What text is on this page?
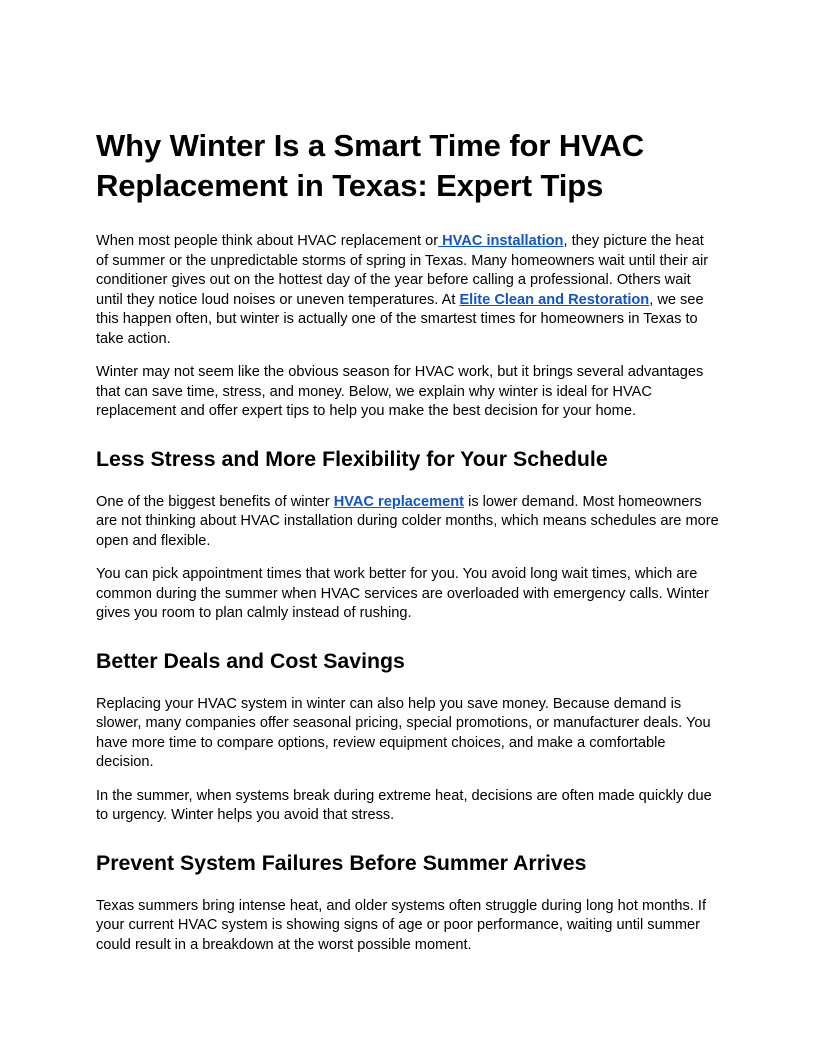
Why Winter Is a Smart Time for HVAC Replacement in Texas: Expert Tips

When most people think about HVAC replacement or HVAC installation, they picture the heat of summer or the unpredictable storms of spring in Texas. Many homeowners wait until their air conditioner gives out on the hottest day of the year before calling a professional. Others wait until they notice loud noises or uneven temperatures. At Elite Clean and Restoration, we see this happen often, but winter is actually one of the smartest times for homeowners in Texas to take action.

Winter may not seem like the obvious season for HVAC work, but it brings several advantages that can save time, stress, and money. Below, we explain why winter is ideal for HVAC replacement and offer expert tips to help you make the best decision for your home.

Less Stress and More Flexibility for Your Schedule

One of the biggest benefits of winter HVAC replacement is lower demand. Most homeowners are not thinking about HVAC installation during colder months, which means schedules are more open and flexible.

You can pick appointment times that work better for you. You avoid long wait times, which are common during the summer when HVAC services are overloaded with emergency calls. Winter gives you room to plan calmly instead of rushing.

Better Deals and Cost Savings

Replacing your HVAC system in winter can also help you save money. Because demand is slower, many companies offer seasonal pricing, special promotions, or manufacturer deals. You have more time to compare options, review equipment choices, and make a comfortable decision.

In the summer, when systems break during extreme heat, decisions are often made quickly due to urgency. Winter helps you avoid that stress.

Prevent System Failures Before Summer Arrives

Texas summers bring intense heat, and older systems often struggle during long hot months. If your current HVAC system is showing signs of age or poor performance, waiting until summer could result in a breakdown at the worst possible moment.
